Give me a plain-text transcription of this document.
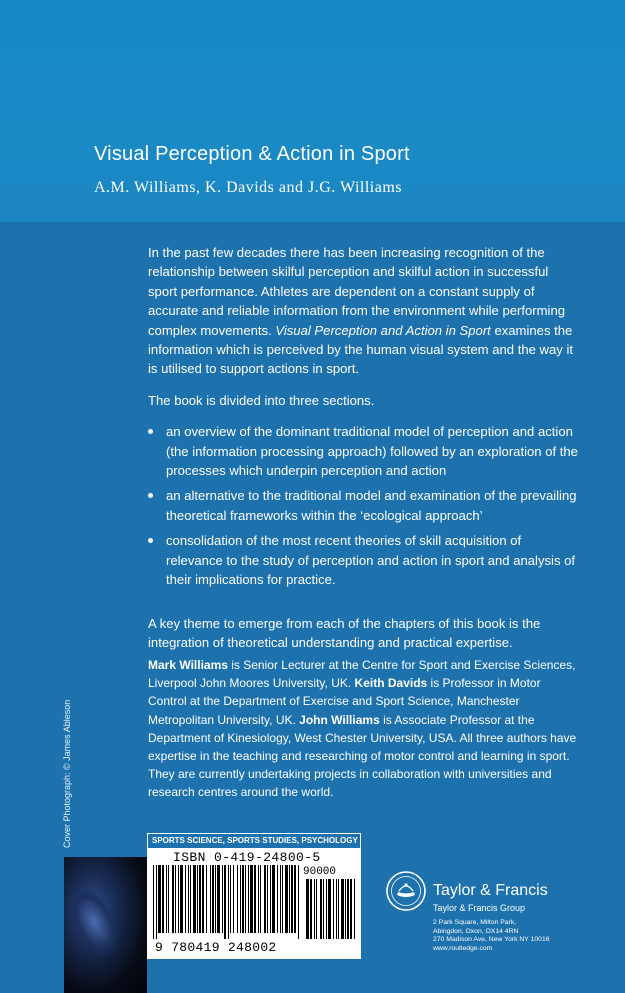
Visual Perception & Action in Sport
A.M. Williams, K. Davids and J.G. Williams

In the past few decades there has been increasing recognition of the relationship between skilful perception and skilful action in successful sport performance. Athletes are dependent on a constant supply of accurate and reliable information from the environment while performing complex movements. Visual Perception and Action in Sport examines the information which is perceived by the human visual system and the way it is utilised to support actions in sport.

The book is divided into three sections.

an overview of the dominant traditional model of perception and action (the information processing approach) followed by an exploration of the processes which underpin perception and action
an alternative to the traditional model and examination of the prevailing theoretical frameworks within the ‘ecological approach’
consolidation of the most recent theories of skill acquisition of relevance to the study of perception and action in sport and analysis of their implications for practice.

A key theme to emerge from each of the chapters of this book is the integration of theoretical understanding and practical expertise.

Mark Williams is Senior Lecturer at the Centre for Sport and Exercise Sciences, Liverpool John Moores University, UK. Keith Davids is Professor in Motor Control at the Department of Exercise and Sport Science, Manchester Metropolitan University, UK. John Williams is Associate Professor at the Department of Kinesiology, West Chester University, USA. All three authors have expertise in the teaching and researching of motor control and learning in sport. They are currently undertaking projects in collaboration with universities and research centres around the world.
Cover Photograph: © James Ableson	SPORTS SCIENCE, SPORTS STUDIES, PSYCHOLOGY
ISBN 0-419-24800-5
90000
9 780419 248002
Taylor & Francis
Taylor & Francis Group
2 Park Square, Milton Park,
Abingdon, Oxon, OX14 4RN
270 Madison Ave, New York NY 10016
www.routledge.com
